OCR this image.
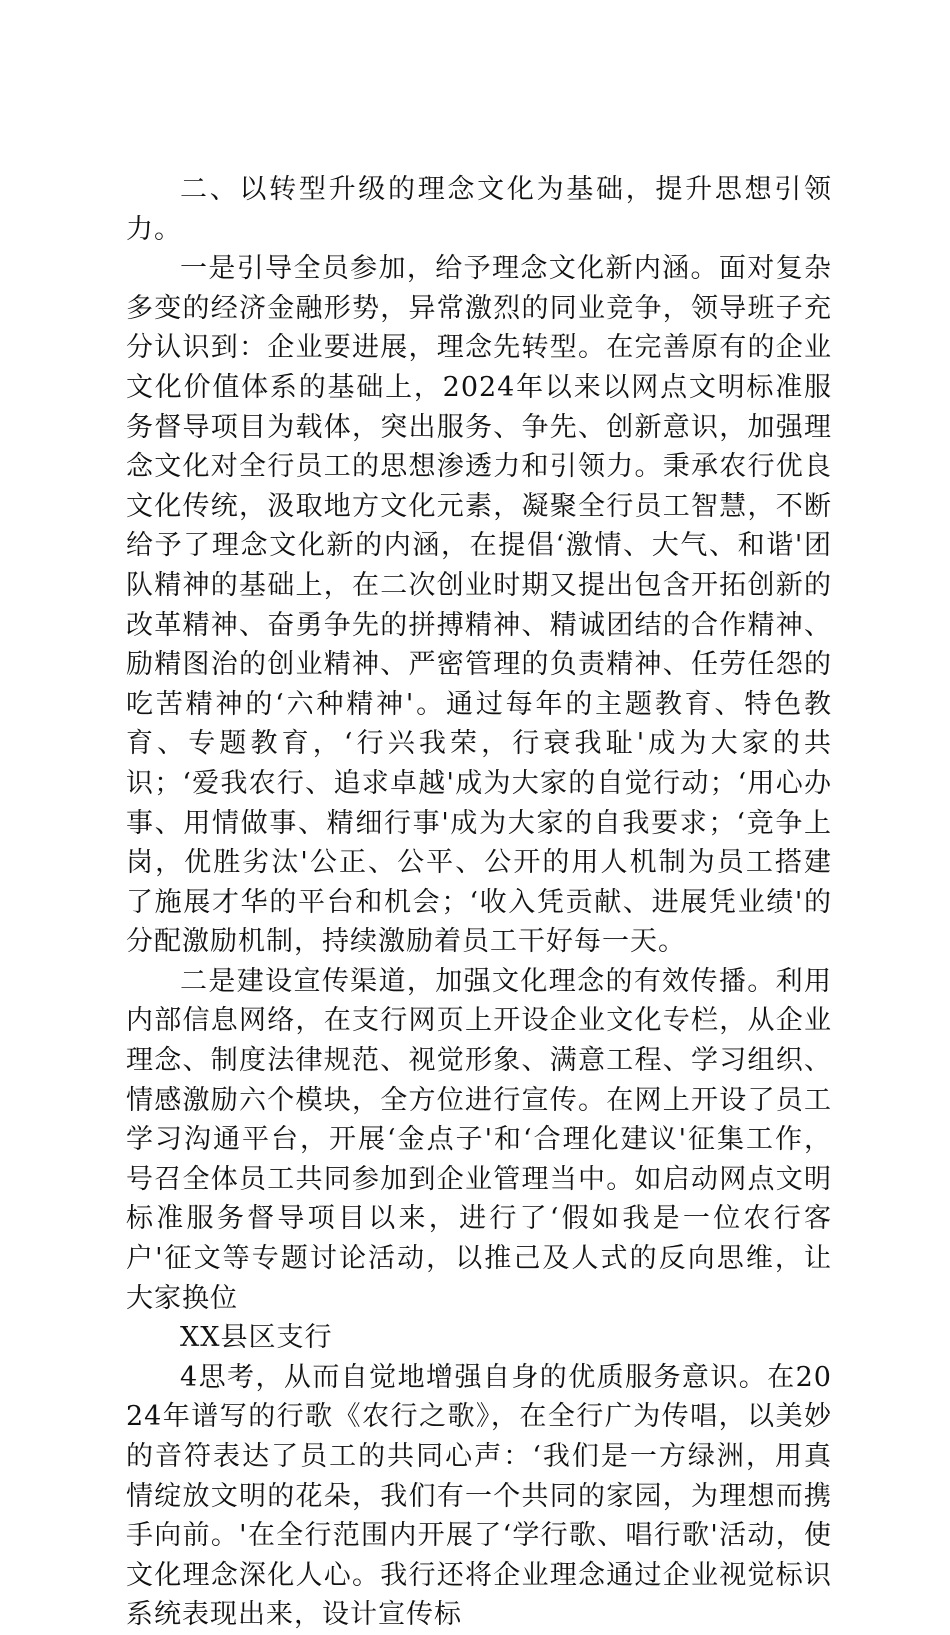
二、以转型升级的理念文化为基础，提升思想引领力。

一是引导全员参加，给予理念文化新内涵。面对复杂多变的经济金融形势，异常激烈的同业竞争，领导班子充分认识到：企业要进展，理念先转型。在完善原有的企业文化价值体系的基础上，2024年以来以网点文明标准服务督导项目为载体，突出服务、争先、创新意识，加强理念文化对全行员工的思想渗透力和引领力。秉承农行优良文化传统，汲取地方文化元素，凝聚全行员工智慧，不断给予了理念文化新的内涵，在提倡‘激情、大气、和谐'团队精神的基础上，在二次创业时期又提出包含开拓创新的改革精神、奋勇争先的拼搏精神、精诚团结的合作精神、励精图治的创业精神、严密管理的负责精神、任劳任怨的吃苦精神的‘六种精神'。通过每年的主题教育、特色教育、专题教育，‘行兴我荣，行衰我耻'成为大家的共识；‘爱我农行、追求卓越'成为大家的自觉行动；‘用心办事、用情做事、精细行事'成为大家的自我要求；‘竞争上岗，优胜劣汰'公正、公平、公开的用人机制为员工搭建了施展才华的平台和机会；‘收入凭贡献、进展凭业绩'的分配激励机制，持续激励着员工干好每一天。

二是建设宣传渠道，加强文化理念的有效传播。利用内部信息网络，在支行网页上开设企业文化专栏，从企业理念、制度法律规范、视觉形象、满意工程、学习组织、情感激励六个模块，全方位进行宣传。在网上开设了员工学习沟通平台，开展‘金点子'和‘合理化建议'征集工作，号召全体员工共同参加到企业管理当中。如启动网点文明标准服务督导项目以来，进行了‘假如我是一位农行客户'征文等专题讨论活动，以推己及人式的反向思维，让大家换位

XX县区支行

4思考，从而自觉地增强自身的优质服务意识。在2024年谱写的行歌《农行之歌》，在全行广为传唱，以美妙的音符表达了员工的共同心声：‘我们是一方绿洲，用真情绽放文明的花朵，我们有一个共同的家园，为理想而携手向前。'在全行范围内开展了‘学行歌、唱行歌'活动，使文化理念深化人心。我行还将企业理念通过企业视觉标识系统表现出来，设计宣传标
